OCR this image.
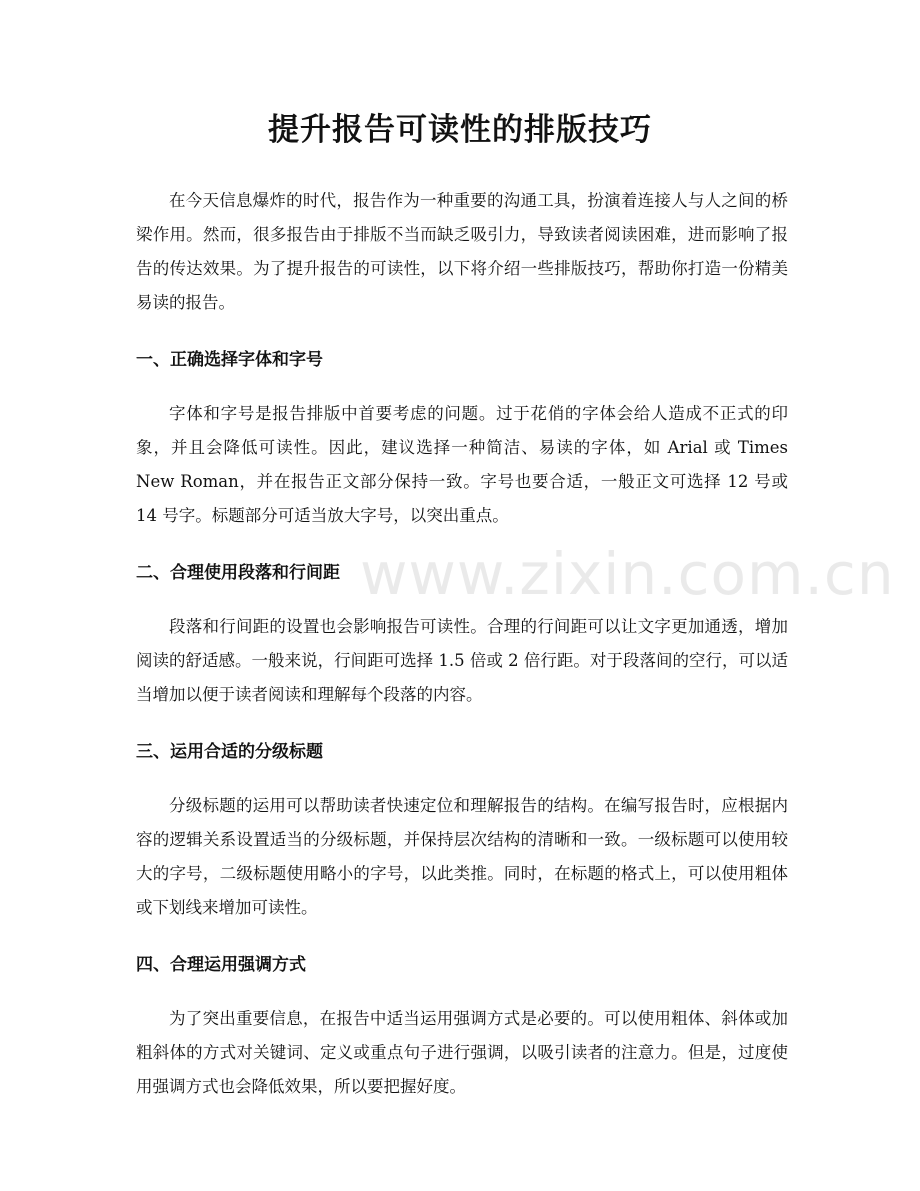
提升报告可读性的排版技巧

在今天信息爆炸的时代，报告作为一种重要的沟通工具，扮演着连接人与人之间的桥梁作用。然而，很多报告由于排版不当而缺乏吸引力，导致读者阅读困难，进而影响了报告的传达效果。为了提升报告的可读性，以下将介绍一些排版技巧，帮助你打造一份精美易读的报告。

一、正确选择字体和字号

字体和字号是报告排版中首要考虑的问题。过于花俏的字体会给人造成不正式的印象，并且会降低可读性。因此，建议选择一种简洁、易读的字体，如 Arial 或 Times New Roman，并在报告正文部分保持一致。字号也要合适，一般正文可选择 12 号或 14 号字。标题部分可适当放大字号，以突出重点。

二、合理使用段落和行间距

段落和行间距的设置也会影响报告可读性。合理的行间距可以让文字更加通透，增加阅读的舒适感。一般来说，行间距可选择 1.5 倍或 2 倍行距。对于段落间的空行，可以适当增加以便于读者阅读和理解每个段落的内容。

三、运用合适的分级标题

分级标题的运用可以帮助读者快速定位和理解报告的结构。在编写报告时，应根据内容的逻辑关系设置适当的分级标题，并保持层次结构的清晰和一致。一级标题可以使用较大的字号，二级标题使用略小的字号，以此类推。同时，在标题的格式上，可以使用粗体或下划线来增加可读性。

四、合理运用强调方式

为了突出重要信息，在报告中适当运用强调方式是必要的。可以使用粗体、斜体或加粗斜体的方式对关键词、定义或重点句子进行强调，以吸引读者的注意力。但是，过度使用强调方式也会降低效果，所以要把握好度。

www.zixin.com.cn
